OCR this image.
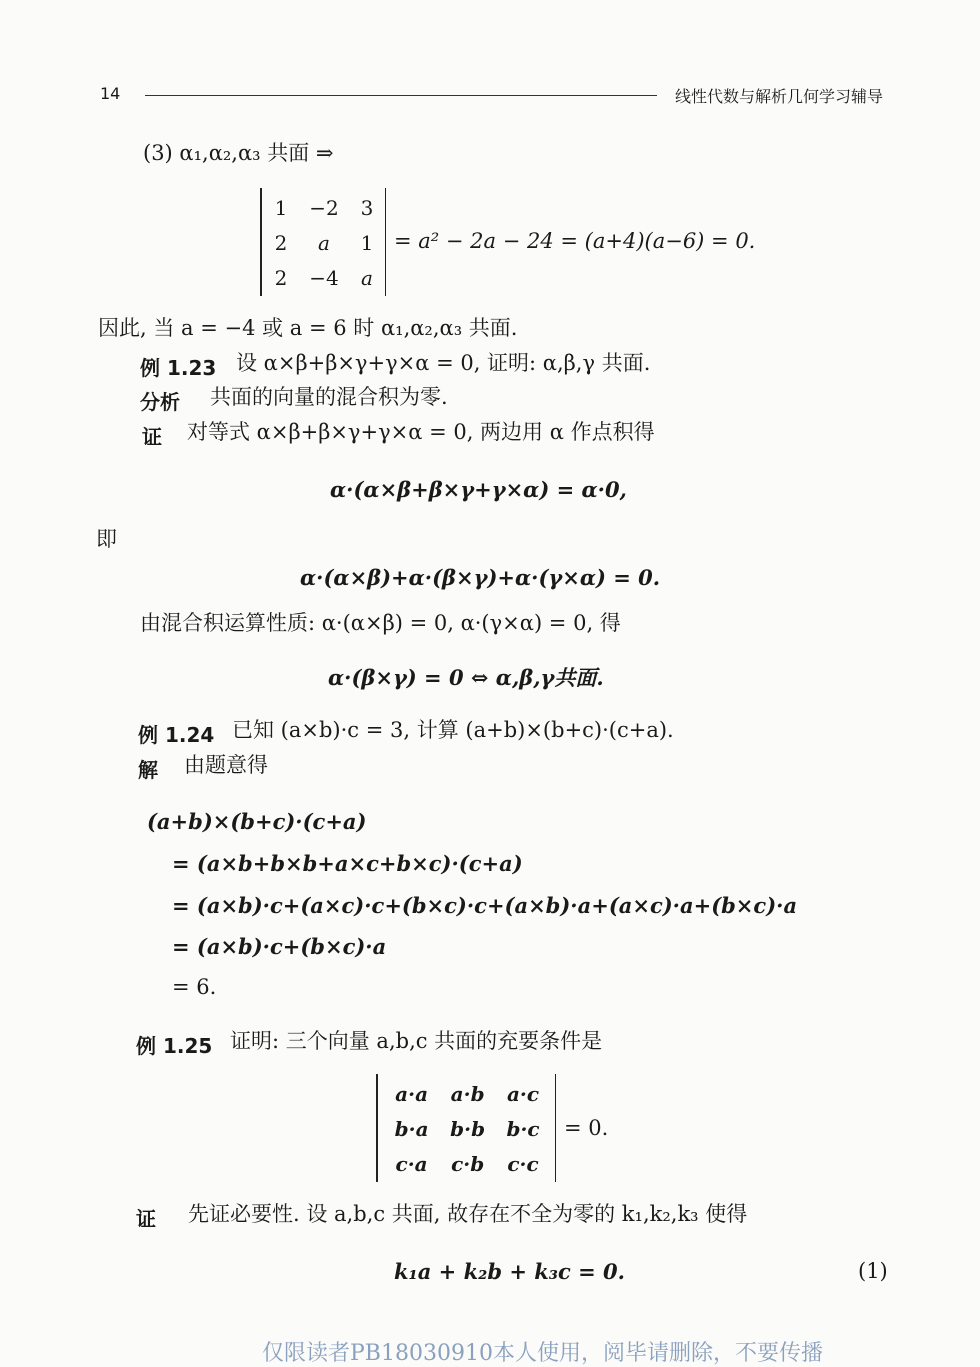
14	线性代数与解析几何学习辅导
(3) α₁,α₂,α₃ 共面 ⇒
1	−2	3
2	a	1
2	−4	a
= a² − 2a − 24 = (a+4)(a−6) = 0.
因此, 当 a = −4 或 a = 6 时 α₁,α₂,α₃ 共面.
例 1.23 设 α×β+β×γ+γ×α = 0, 证明: α,β,γ 共面.
分析 共面的向量的混合积为零.
证 对等式 α×β+β×γ+γ×α = 0, 两边用 α 作点积得
α·(α×β+β×γ+γ×α) = α·0,
即
α·(α×β)+α·(β×γ)+α·(γ×α) = 0.
由混合积运算性质: α·(α×β) = 0, α·(γ×α) = 0, 得
α·(β×γ) = 0 ⇔ α,β,γ共面.
例 1.24 已知 (a×b)·c = 3, 计算 (a+b)×(b+c)·(c+a).
解 由题意得
(a+b)×(b+c)·(c+a)
= (a×b+b×b+a×c+b×c)·(c+a)
= (a×b)·c+(a×c)·c+(b×c)·c+(a×b)·a+(a×c)·a+(b×c)·a
= (a×b)·c+(b×c)·a
= 6.
例 1.25 证明: 三个向量 a,b,c 共面的充要条件是
a·a	a·b	a·c
b·a	b·b	b·c
c·a	c·b	c·c
= 0.
证 先证必要性. 设 a,b,c 共面, 故存在不全为零的 k₁,k₂,k₃ 使得
k₁a + k₂b + k₃c = 0.	(1)
仅限读者PB18030910本人使用，阅毕请删除，不要传播
